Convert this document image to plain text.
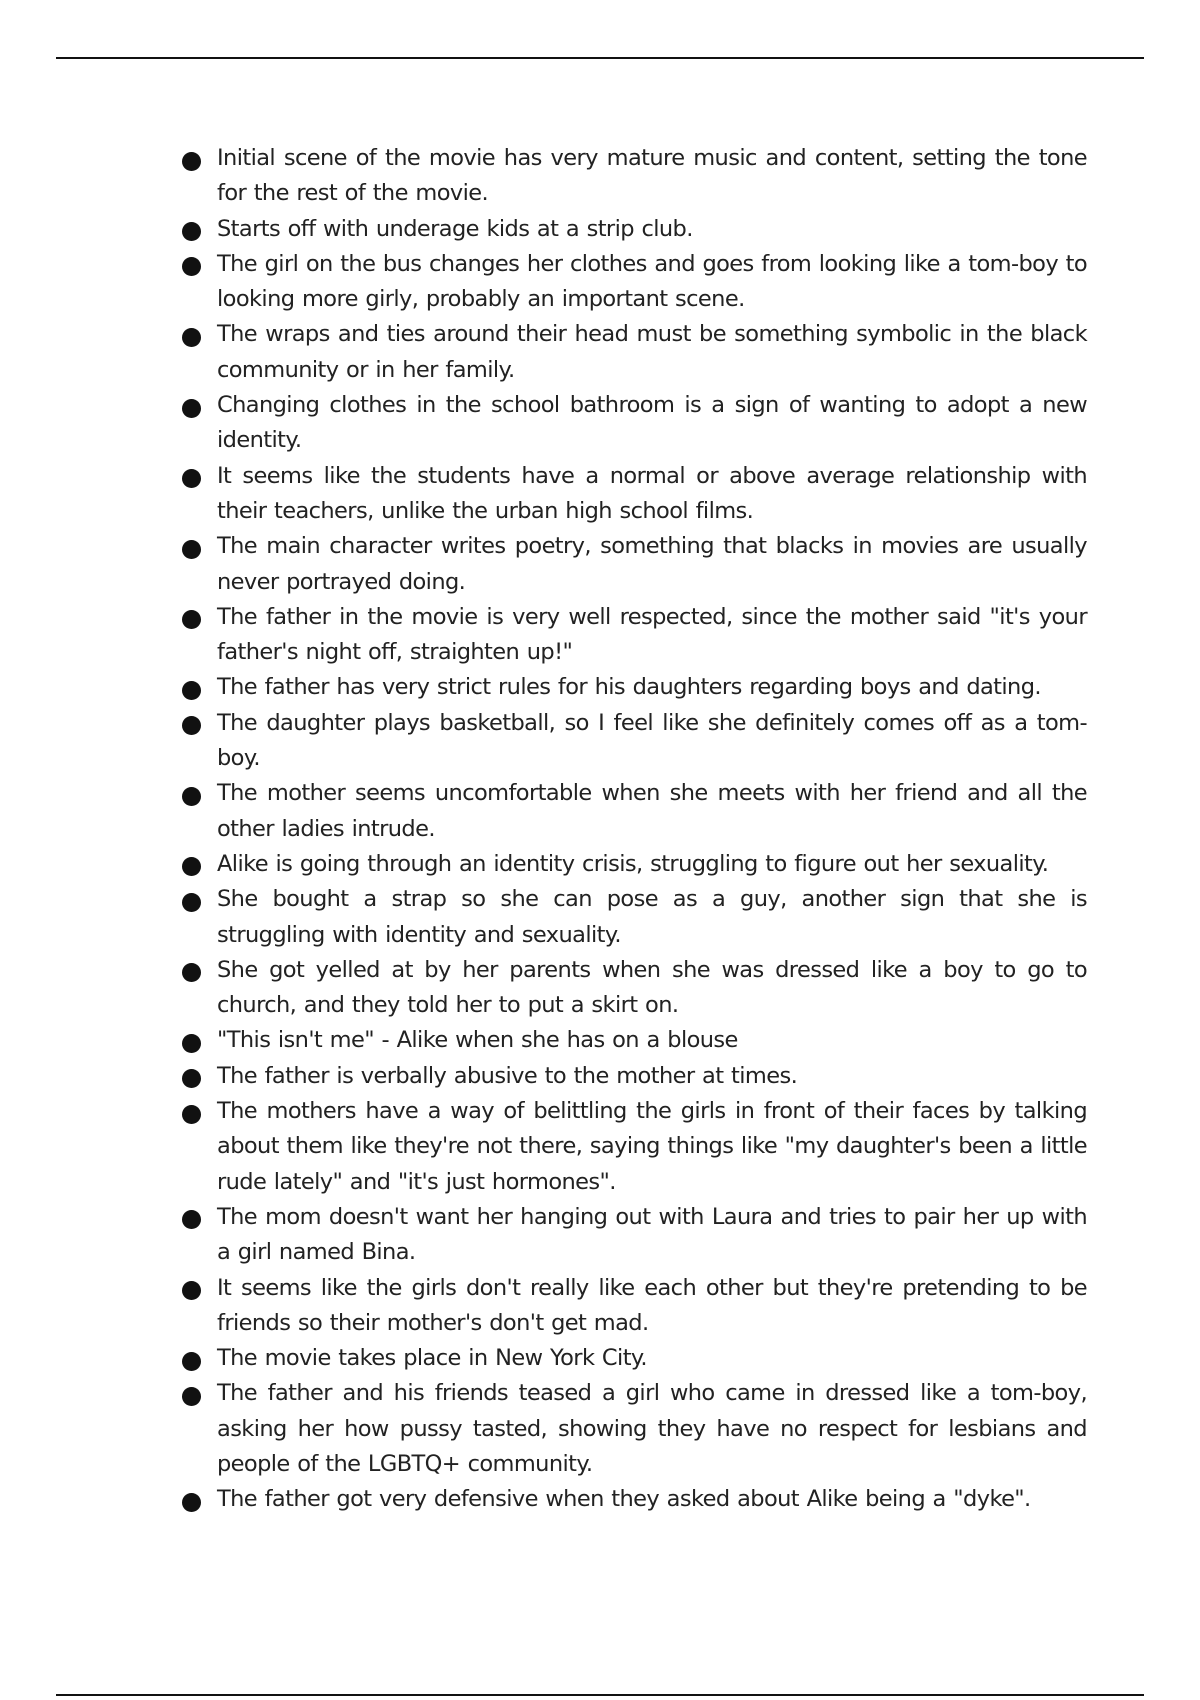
Initial scene of the movie has very mature music and content, setting the tone for the rest of the movie.
Starts off with underage kids at a strip club.
The girl on the bus changes her clothes and goes from looking like a tom-boy to looking more girly, probably an important scene.
The wraps and ties around their head must be something symbolic in the black community or in her family.
Changing clothes in the school bathroom is a sign of wanting to adopt a new identity.
It seems like the students have a normal or above average relationship with their teachers, unlike the urban high school films.
The main character writes poetry, something that blacks in movies are usually never portrayed doing.
The father in the movie is very well respected, since the mother said "it's your father's night off, straighten up!"
The father has very strict rules for his daughters regarding boys and dating.
The daughter plays basketball, so I feel like she definitely comes off as a tom-boy.
The mother seems uncomfortable when she meets with her friend and all the other ladies intrude.
Alike is going through an identity crisis, struggling to figure out her sexuality.
She bought a strap so she can pose as a guy, another sign that she is struggling with identity and sexuality.
She got yelled at by her parents when she was dressed like a boy to go to church, and they told her to put a skirt on.
"This isn't me" - Alike when she has on a blouse
The father is verbally abusive to the mother at times.
The mothers have a way of belittling the girls in front of their faces by talking about them like they're not there, saying things like "my daughter's been a little rude lately" and "it's just hormones".
The mom doesn't want her hanging out with Laura and tries to pair her up with a girl named Bina.
It seems like the girls don't really like each other but they're pretending to be friends so their mother's don't get mad.
The movie takes place in New York City.
The father and his friends teased a girl who came in dressed like a tom-boy, asking her how pussy tasted, showing they have no respect for lesbians and people of the LGBTQ+ community.
The father got very defensive when they asked about Alike being a "dyke".
